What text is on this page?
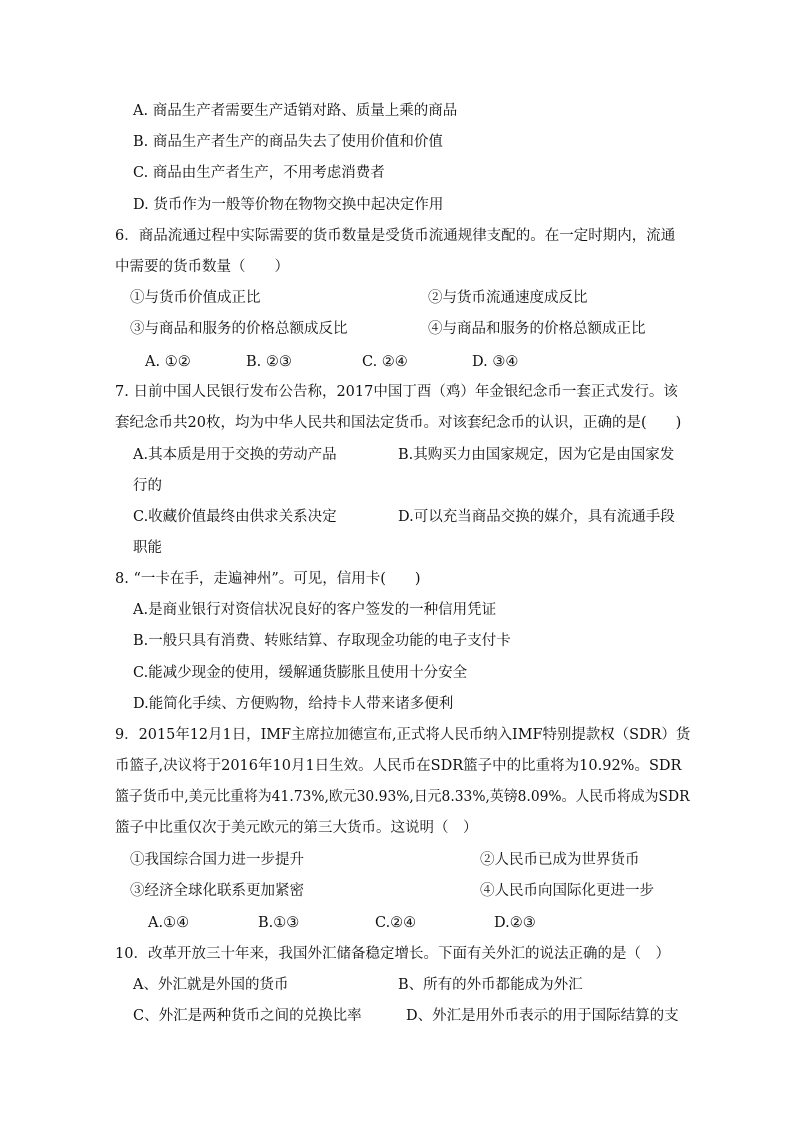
A. 商品生产者需要生产适销对路、质量上乘的商品
B. 商品生产者生产的商品失去了使用价值和价值
C. 商品由生产者生产，不用考虑消费者
D. 货币作为一般等价物在物物交换中起决定作用
6．商品流通过程中实际需要的货币数量是受货币流通规律支配的。在一定时期内，流通
中需要的货币数量（　　）
①与货币价值成正比	②与货币流通速度成反比
③与商品和服务的价格总额成反比	④与商品和服务的价格总额成正比
A. ①②	B. ②③	C. ②④	D. ③④
7. 日前中国人民银行发布公告称，2017中国丁酉（鸡）年金银纪念币一套正式发行。该
套纪念币共20枚，均为中华人民共和国法定货币。对该套纪念币的认识，正确的是(　　)
A.其本质是用于交换的劳动产品	B.其购买力由国家规定，因为它是由国家发
行的
C.收藏价值最终由供求关系决定	D.可以充当商品交换的媒介，具有流通手段
职能
8. “一卡在手，走遍神州”。可见，信用卡(　　)
A.是商业银行对资信状况良好的客户签发的一种信用凭证
B.一般只具有消费、转账结算、存取现金功能的电子支付卡
C.能减少现金的使用，缓解通货膨胀且使用十分安全
D.能简化手续、方便购物，给持卡人带来诸多便利
9．2015年12月1日，IMF主席拉加德宣布,正式将人民币纳入IMF特别提款权（SDR）货
币篮子,决议将于2016年10月1日生效。人民币在SDR篮子中的比重将为10.92%。SDR
篮子货币中,美元比重将为41.73%,欧元30.93%,日元8.33%,英镑8.09%。人民币将成为SDR
篮子中比重仅次于美元欧元的第三大货币。这说明（　）
①我国综合国力进一步提升	②人民币已成为世界货币
③经济全球化联系更加紧密	④人民币向国际化更进一步
A.①④	B.①③	C.②④	D.②③
10．改革开放三十年来，我国外汇储备稳定增长。下面有关外汇的说法正确的是（　）
A、外汇就是外国的货币	B、所有的外币都能成为外汇
C、外汇是两种货币之间的兑换比率	D、外汇是用外币表示的用于国际结算的支
